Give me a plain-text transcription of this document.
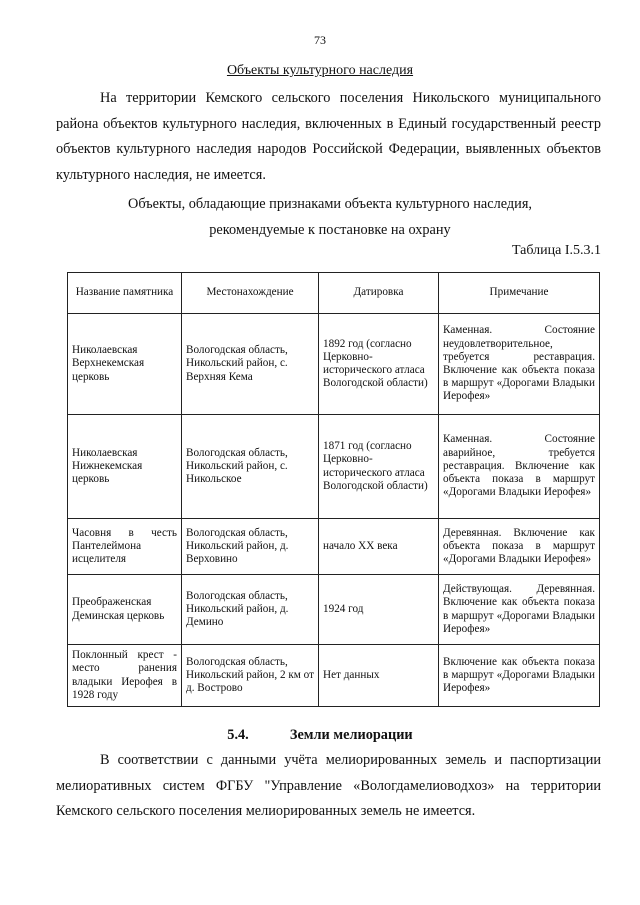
73
Объекты культурного наследия
На территории Кемского сельского поселения Никольского муниципального района объектов культурного наследия, включенных в Единый государственный реестр объектов культурного наследия народов Российской Федерации, выявленных объектов культурного наследия, не имеется.
Объекты, обладающие признаками объекта культурного наследия,
рекомендуемые к постановке на охрану
Таблица I.5.3.1
Название памятника	Местонахождение	Датировка	Примечание
Николаевская Верхнекемская церковь	Вологодская область, Никольский район, с. Верхняя Кема	1892 год (согласно Церковно-исторического атласа Вологодской области)	Каменная. Состояние неудовлетворительное, требуется реставрация. Включение как объекта показа в маршрут «Дорогами Владыки Иерофея»
Николаевская Нижнекемская церковь	Вологодская область, Никольский район, с. Никольское	1871 год (согласно Церковно-исторического атласа Вологодской области)	Каменная. Состояние аварийное, требуется реставрация. Включение как объекта показа в маршрут «Дорогами Владыки Иерофея»
Часовня в честь Пантелеймона исцелителя	Вологодская область, Никольский район, д. Верховино	начало XX века	Деревянная. Включение как объекта показа в маршрут «Дорогами Владыки Иерофея»
Преображенская Деминская церковь	Вологодская область, Никольский район, д. Демино	1924 год	Действующая. Деревянная. Включение как объекта показа в маршрут «Дорогами Владыки Иерофея»
Поклонный крест - место ранения владыки Иерофея в 1928 году	Вологодская область, Никольский район, 2 км от д. Вострово	Нет данных	Включение как объекта показа в маршрут «Дорогами Владыки Иерофея»
5.4.	Земли мелиорации
В соответствии с данными учёта мелиорированных земель и паспортизации мелиоративных систем ФГБУ "Управление «Вологдамелиоводхоз» на территории Кемского сельского поселения мелиорированных земель не имеется.
